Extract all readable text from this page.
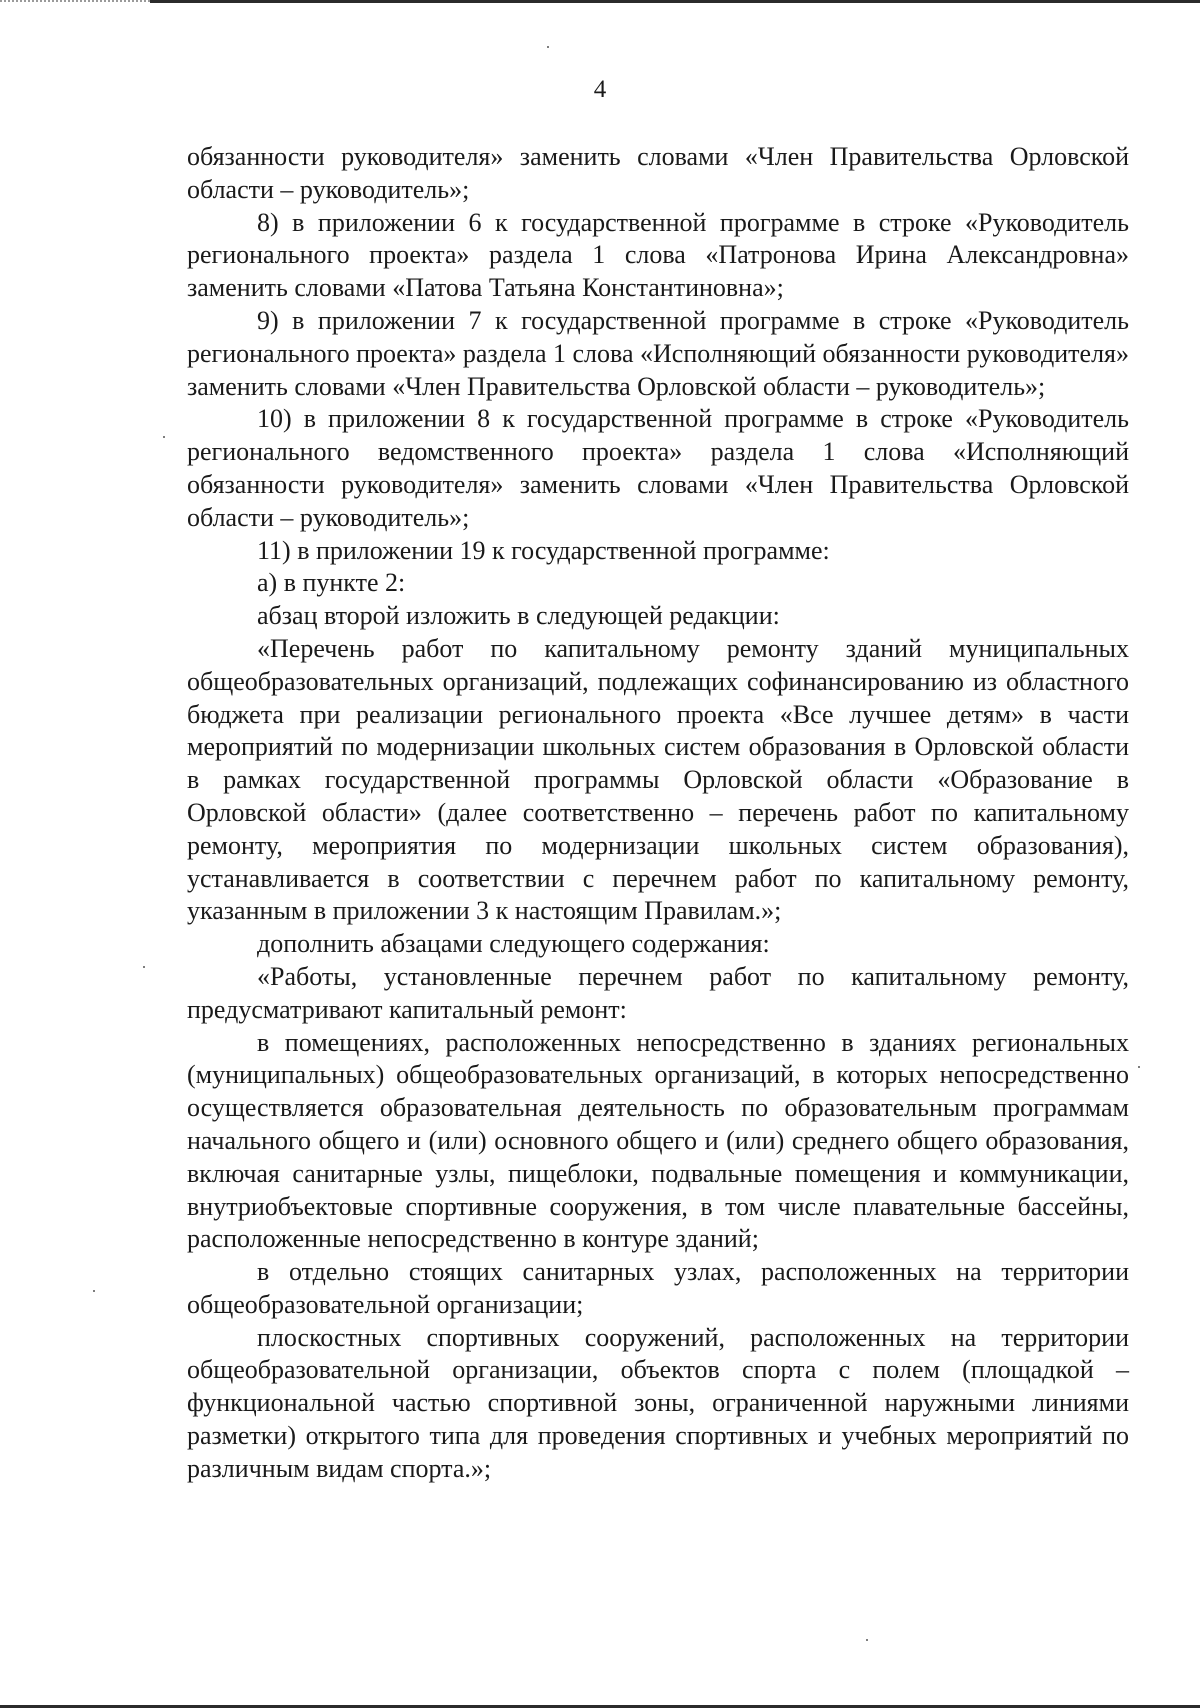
4

обязанности руководителя» заменить словами «Член Правительства Орловской области – руководитель»;

8) в приложении 6 к государственной программе в строке «Руководитель регионального проекта» раздела 1 слова «Патронова Ирина Александровна» заменить словами «Патова Татьяна Константиновна»;

9) в приложении 7 к государственной программе в строке «Руководитель регионального проекта» раздела 1 слова «Исполняющий обязанности руководителя» заменить словами «Член Правительства Орловской области – руководитель»;

10) в приложении 8 к государственной программе в строке «Руководитель регионального ведомственного проекта» раздела 1 слова «Исполняющий обязанности руководителя» заменить словами «Член Правительства Орловской области – руководитель»;

11) в приложении 19 к государственной программе:

а) в пункте 2:

абзац второй изложить в следующей редакции:

«Перечень работ по капитальному ремонту зданий муниципальных общеобразовательных организаций, подлежащих софинансированию из областного бюджета при реализации регионального проекта «Все лучшее детям» в части мероприятий по модернизации школьных систем образования в Орловской области в рамках государственной программы Орловской области «Образование в Орловской области» (далее соответственно – перечень работ по капитальному ремонту, мероприятия по модернизации школьных систем образования), устанавливается в соответствии с перечнем работ по капитальному ремонту, указанным в приложении 3 к настоящим Правилам.»;

дополнить абзацами следующего содержания:

«Работы, установленные перечнем работ по капитальному ремонту, предусматривают капитальный ремонт:

в помещениях, расположенных непосредственно в зданиях региональных (муниципальных) общеобразовательных организаций, в которых непосредственно осуществляется образовательная деятельность по образовательным программам начального общего и (или) основного общего и (или) среднего общего образования, включая санитарные узлы, пищеблоки, подвальные помещения и коммуникации, внутриобъектовые спортивные сооружения, в том числе плавательные бассейны, расположенные непосредственно в контуре зданий;

в отдельно стоящих санитарных узлах, расположенных на территории общеобразовательной организации;

плоскостных спортивных сооружений, расположенных на территории общеобразовательной организации, объектов спорта с полем (площадкой – функциональной частью спортивной зоны, ограниченной наружными линиями разметки) открытого типа для проведения спортивных и учебных мероприятий по различным видам спорта.»;
